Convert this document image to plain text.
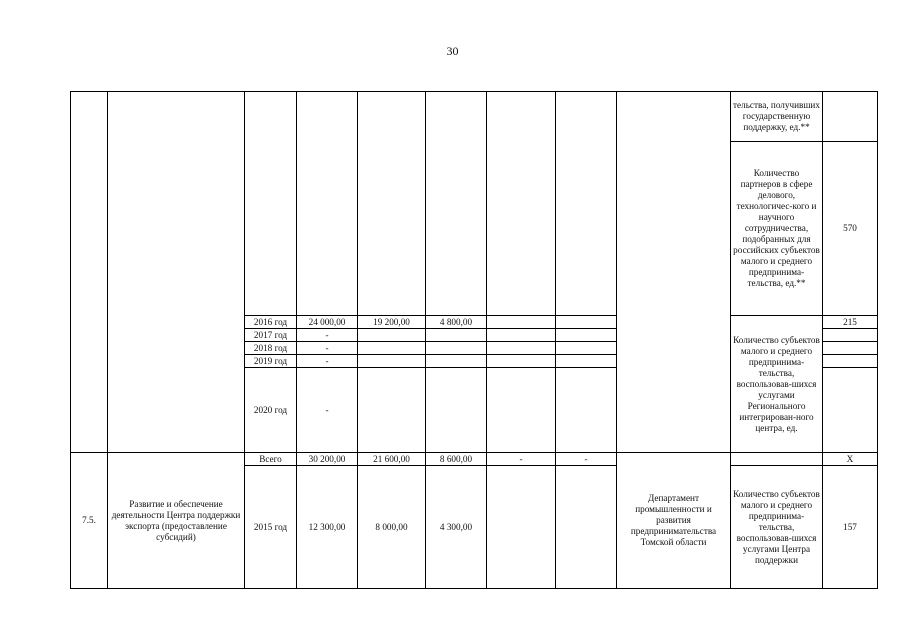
30

									тельства, получивших государственную поддержку, ед.**	

									Количество партнеров в сфере делового, технологичес-кого и научного сотрудничества, подобранных для российских субъектов малого и среднего предпринима-тельства, ед.**	570
		2016 год	24 000,00	19 200,00	4 800,00				Количество субъектов малого и среднего предпринима-тельства, воспользовав-шихся услугами Регионального интегрирован-ного центра, ед.	215
		2017 год	-							
		2018 год	-							
		2019 год	-							
		2020 год	-							
7.5.	Развитие и обеспечение деятельности Центра поддержки экспорта (предоставление субсидий)	Всего	30 200,00	21 600,00	8 600,00	-	-	Департамент промышленности и развития предпринимательства Томской области		Х
		2015 год	12 300,00	8 000,00	4 300,00				Количество субъектов малого и среднего предпринима-тельства, воспользовав-шихся услугами Центра поддержки	157
